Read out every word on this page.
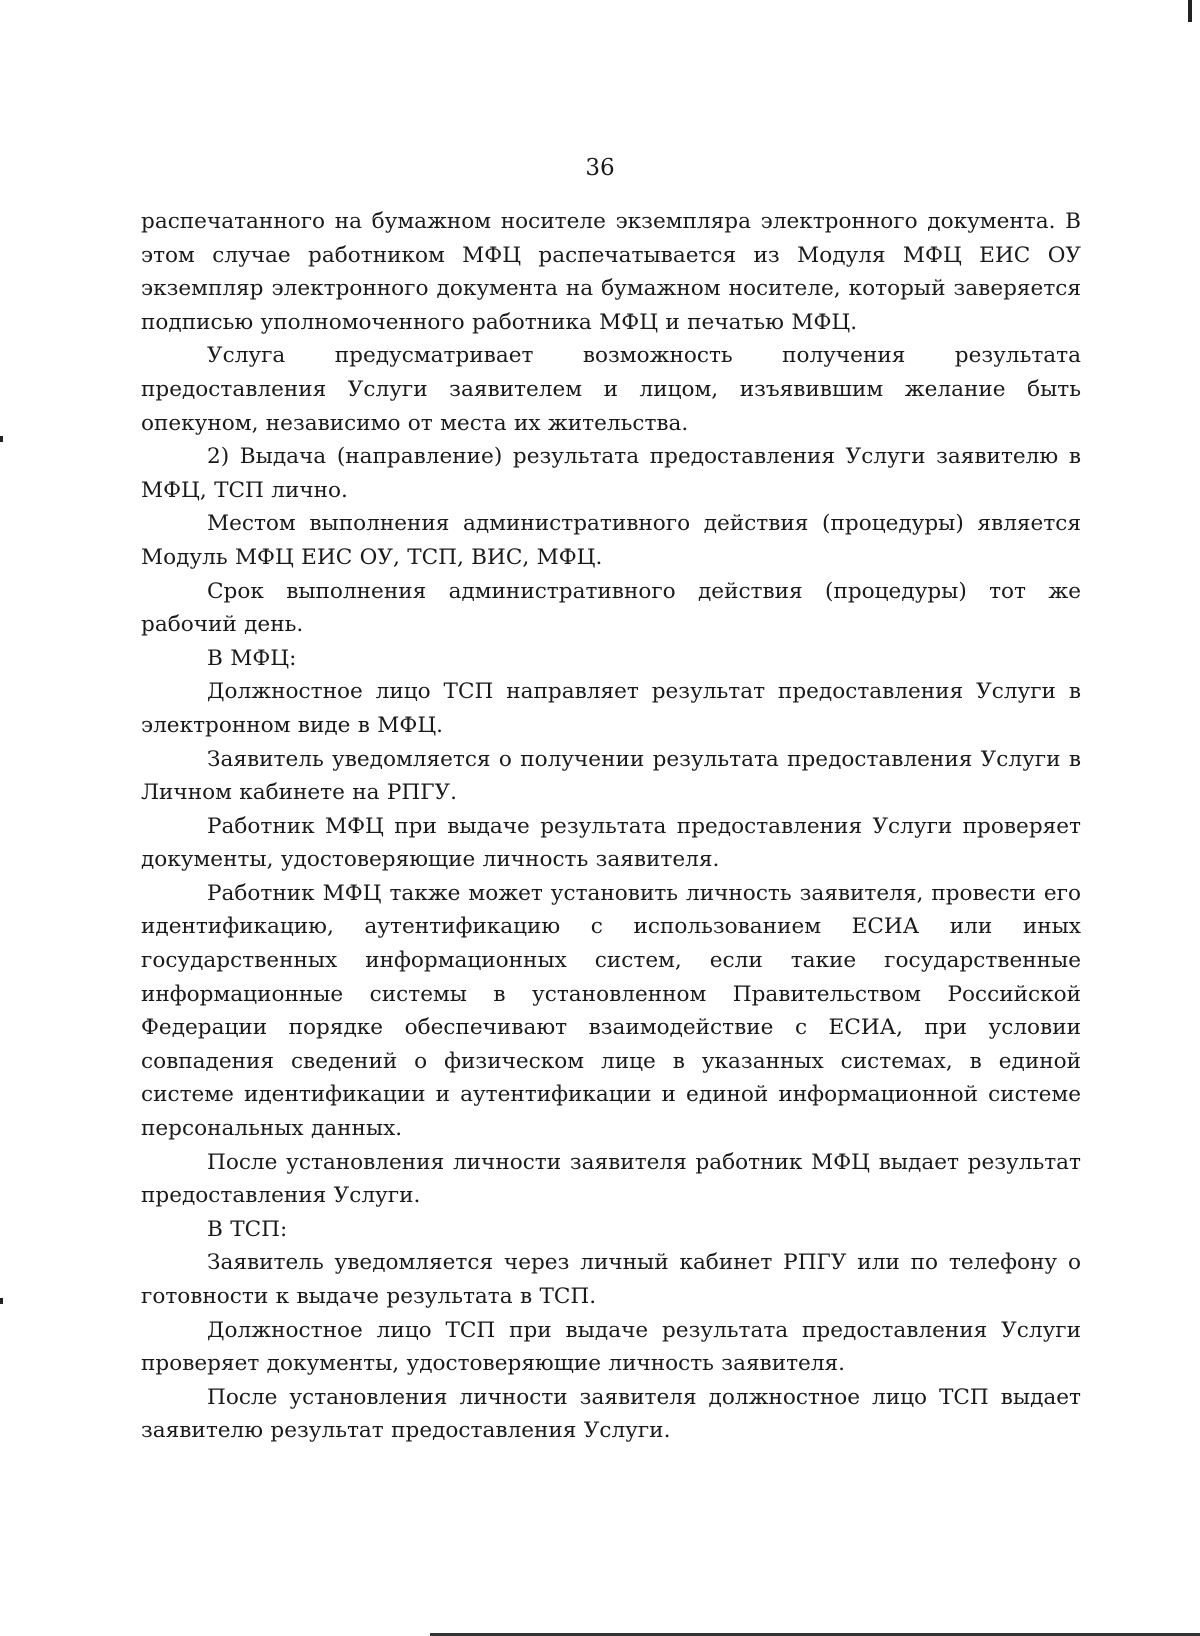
36

распечатанного на бумажном носителе экземпляра электронного документа. В этом случае работником МФЦ распечатывается из Модуля МФЦ ЕИС ОУ экземпляр электронного документа на бумажном носителе, который заверяется подписью уполномоченного работника МФЦ и печатью МФЦ.

Услуга предусматривает возможность получения результата предоставления Услуги заявителем и лицом, изъявившим желание быть опекуном, независимо от места их жительства.

2) Выдача (направление) результата предоставления Услуги заявителю в МФЦ, ТСП лично.

Местом выполнения административного действия (процедуры) является Модуль МФЦ ЕИС ОУ, ТСП, ВИС, МФЦ.

Срок выполнения административного действия (процедуры) тот же рабочий день.

В МФЦ:

Должностное лицо ТСП направляет результат предоставления Услуги в электронном виде в МФЦ.

Заявитель уведомляется о получении результата предоставления Услуги в Личном кабинете на РПГУ.

Работник МФЦ при выдаче результата предоставления Услуги проверяет документы, удостоверяющие личность заявителя.

Работник МФЦ также может установить личность заявителя, провести его идентификацию, аутентификацию с использованием ЕСИА или иных государственных информационных систем, если такие государственные информационные системы в установленном Правительством Российской Федерации порядке обеспечивают взаимодействие с ЕСИА, при условии совпадения сведений о физическом лице в указанных системах, в единой системе идентификации и аутентификации и единой информационной системе персональных данных.

После установления личности заявителя работник МФЦ выдает результат предоставления Услуги.

В ТСП:

Заявитель уведомляется через личный кабинет РПГУ или по телефону о готовности к выдаче результата в ТСП.

Должностное лицо ТСП при выдаче результата предоставления Услуги проверяет документы, удостоверяющие личность заявителя.

После установления личности заявителя должностное лицо ТСП выдает заявителю результат предоставления Услуги.
